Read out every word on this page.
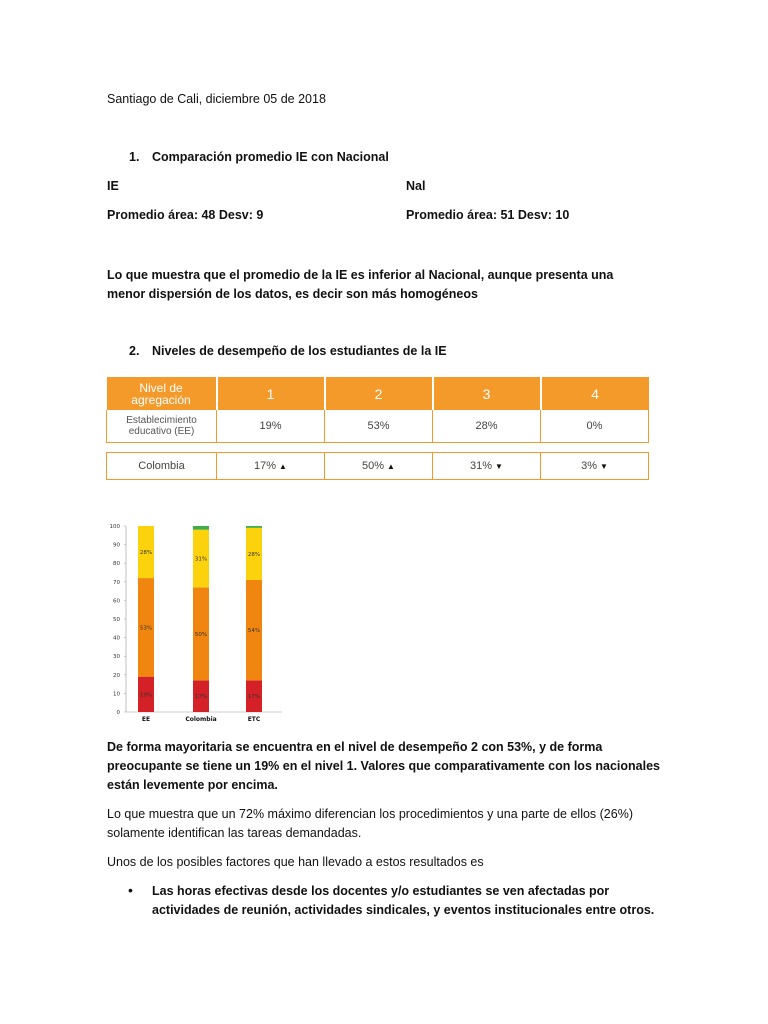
Santiago de Cali, diciembre 05 de 2018
1. Comparación promedio IE con Nacional
IE	Nal
Promedio área: 48 Desv: 9	Promedio área: 51 Desv: 10
Lo que muestra que el promedio de la IE es inferior al Nacional, aunque presenta una menor dispersión de los datos, es decir son más homogéneos
2. Niveles de desempeño de los estudiantes de la IE
Nivel de
agregación	1	2	3	4
Establecimiento
educativo (EE)	19%	53%	28%	0%

Colombia	17% ▲	50% ▲	31% ▼	3% ▼
0
10
20
30
40
50
60
70
80
90
100
19%
53%
28%
EE
17%
50%
31%
Colombia
17%
54%
28%
ETC
De forma mayoritaria se encuentra en el nivel de desempeño 2 con 53%, y de forma preocupante se tiene un 19% en el nivel 1. Valores que comparativamente con los nacionales están levemente por encima.
Lo que muestra que un 72% máximo diferencian los procedimientos y una parte de ellos (26%) solamente identifican las tareas demandadas.
Unos de los posibles factores que han llevado a estos resultados es
• Las horas efectivas desde los docentes y/o estudiantes se ven afectadas por actividades de reunión, actividades sindicales, y eventos institucionales entre otros.
